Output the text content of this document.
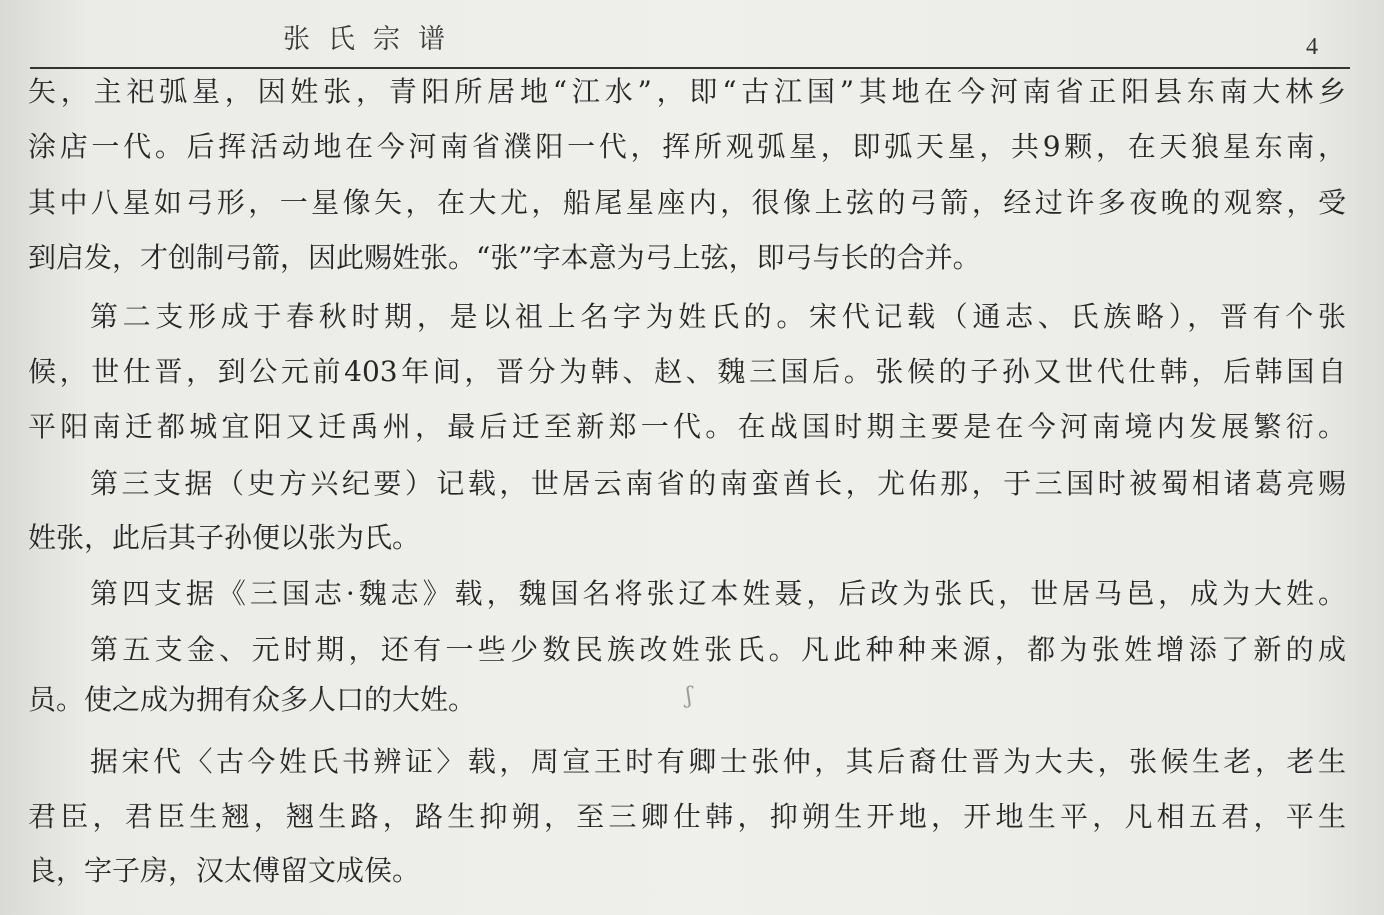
张氏宗谱	4
矢，主祀弧星，因姓张，青阳所居地“江水”，即“古江国”其地在今河南省正阳县东南大林乡
涂店一代。后挥活动地在今河南省濮阳一代，挥所观弧星，即弧天星，共9颗，在天狼星东南，
其中八星如弓形，一星像矢，在大尤，船尾星座内，很像上弦的弓箭，经过许多夜晚的观察，受
到启发，才创制弓箭，因此赐姓张。“张”字本意为弓上弦，即弓与长的合并。
第二支形成于春秋时期，是以祖上名字为姓氏的。宋代记载（通志、氏族略），晋有个张
候，世仕晋，到公元前403年间，晋分为韩、赵、魏三国后。张候的子孙又世代仕韩，后韩国自
平阳南迁都城宜阳又迁禹州，最后迁至新郑一代。在战国时期主要是在今河南境内发展繁衍。
第三支据（史方兴纪要）记载，世居云南省的南蛮酋长，尤佑那，于三国时被蜀相诸葛亮赐
姓张，此后其子孙便以张为氏。
第四支据《三国志·魏志》载，魏国名将张辽本姓聂，后改为张氏，世居马邑，成为大姓。
第五支金、元时期，还有一些少数民族改姓张氏。凡此种种来源，都为张姓增添了新的成
员。使之成为拥有众多人口的大姓。
据宋代〈古今姓氏书辨证〉载，周宣王时有卿士张仲，其后裔仕晋为大夫，张候生老，老生
君臣，君臣生翘，翘生路，路生抑朔，至三卿仕韩，抑朔生开地，开地生平，凡相五君，平生
良，字子房，汉太傅留文成侯。
ʃ
